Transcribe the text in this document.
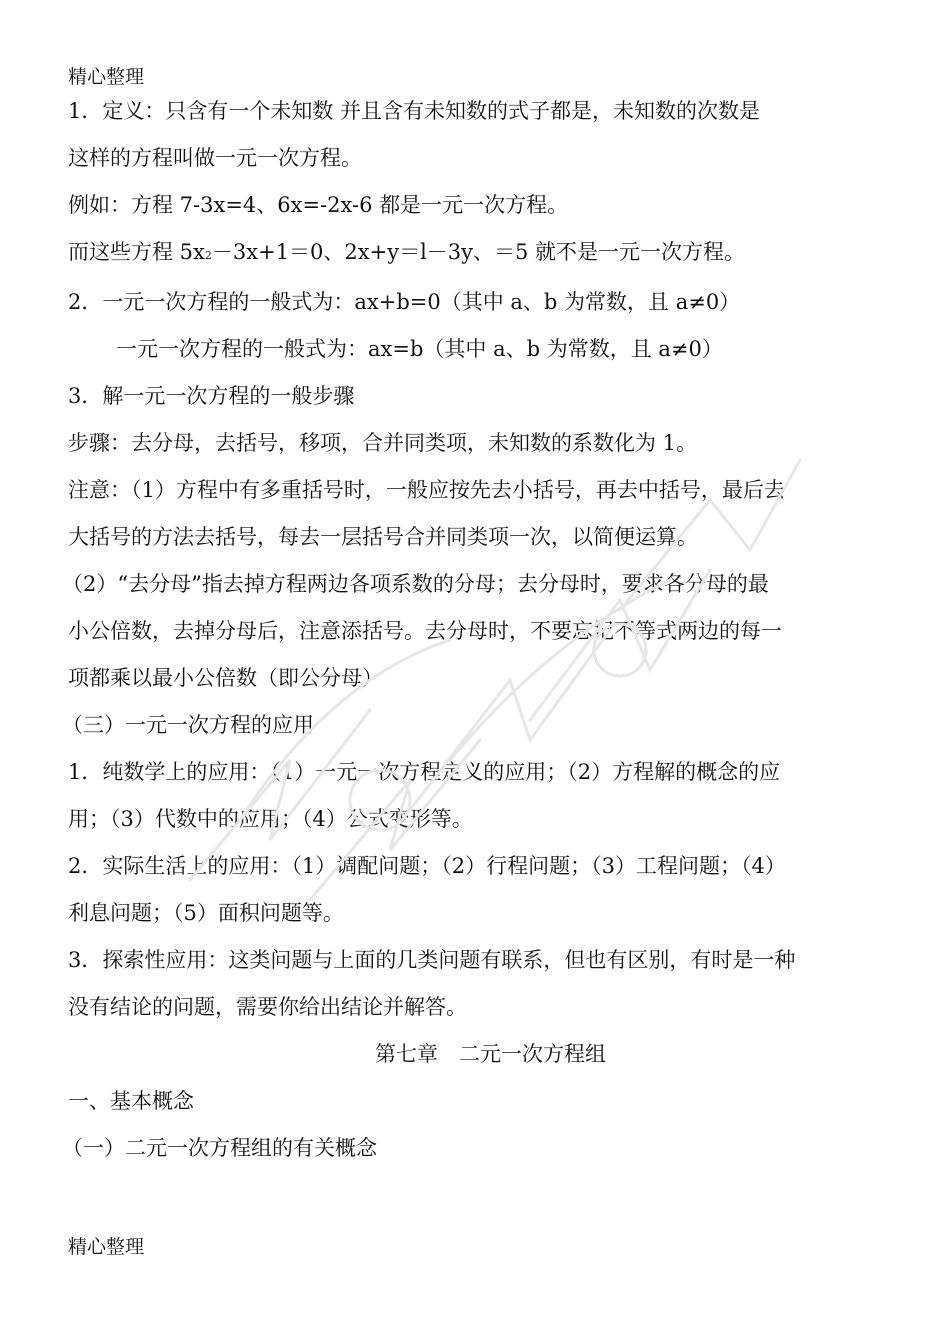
精心整理

1．定义：只含有一个未知数 并且含有未知数的式子都是，未知数的次数是

这样的方程叫做一元一次方程。

例如：方程 7-3x=4、6x=-2x-6 都是一元一次方程。

而这些方程 5x2－3x+1＝0、2x+y＝l－3y、＝5 就不是一元一次方程。

2．一元一次方程的一般式为：ax+b=0（其中 a、b 为常数，且 a≠0）

一元一次方程的一般式为：ax=b（其中 a、b 为常数，且 a≠0）

3．解一元一次方程的一般步骤

步骤：去分母，去括号，移项，合并同类项，未知数的系数化为 1。

注意：（1）方程中有多重括号时，一般应按先去小括号，再去中括号，最后去

大括号的方法去括号，每去一层括号合并同类项一次，以简便运算。

（2）“去分母”指去掉方程两边各项系数的分母；去分母时，要求各分母的最

小公倍数，去掉分母后，注意添括号。去分母时，不要忘记不等式两边的每一

项都乘以最小公倍数（即公分母）

（三）一元一次方程的应用

1．纯数学上的应用：（1）一元一次方程定义的应用；（2）方程解的概念的应

用；（3）代数中的应用；（4）公式变形等。

2．实际生活上的应用：（1）调配问题；（2）行程问题；（3）工程问题；（4）

利息问题；（5）面积问题等。

3．探索性应用：这类问题与上面的几类问题有联系，但也有区别，有时是一种

没有结论的问题，需要你给出结论并解答。

第七章　二元一次方程组

一、基本概念

（一）二元一次方程组的有关概念

精心整理
